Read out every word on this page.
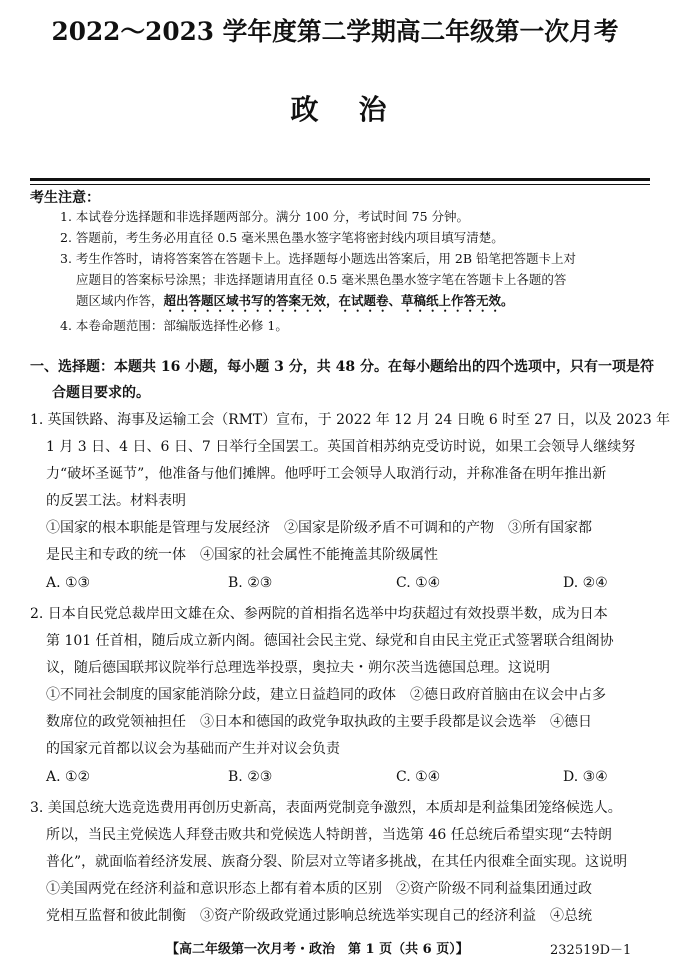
2022～2023 学年度第二学期高二年级第一次月考
政治
考生注意：
1. 本试卷分选择题和非选择题两部分。满分 100 分，考试时间 75 分钟。
2. 答题前，考生务必用直径 0.5 毫米黑色墨水签字笔将密封线内项目填写清楚。
3. 考生作答时，请将答案答在答题卡上。选择题每小题选出答案后，用 2B 铅笔把答题卡上对
应题目的答案标号涂黑；非选择题请用直径 0.5 毫米黑色墨水签字笔在答题卡上各题的答
题区域内作答，超出答题区域书写的答案无效，在试题卷、草稿纸上作答无效。
4. 本卷命题范围：部编版选择性必修 1。
一、选择题：本题共 16 小题，每小题 3 分，共 48 分。在每小题给出的四个选项中，只有一项是符
合题目要求的。
1. 英国铁路、海事及运输工会（RMT）宣布，于 2022 年 12 月 24 日晚 6 时至 27 日，以及 2023 年
1 月 3 日、4 日、6 日、7 日举行全国罢工。英国首相苏纳克受访时说，如果工会领导人继续努
力“破坏圣诞节”，他准备与他们摊牌。他呼吁工会领导人取消行动，并称准备在明年推出新
的反罢工法。材料表明
①国家的根本职能是管理与发展经济　②国家是阶级矛盾不可调和的产物　③所有国家都
是民主和专政的统一体　④国家的社会属性不能掩盖其阶级属性
A. ①③	B. ②③	C. ①④	D. ②④
2. 日本自民党总裁岸田文雄在众、参两院的首相指名选举中均获超过有效投票半数，成为日本
第 101 任首相，随后成立新内阁。德国社会民主党、绿党和自由民主党正式签署联合组阁协
议，随后德国联邦议院举行总理选举投票，奥拉夫・朔尔茨当选德国总理。这说明
①不同社会制度的国家能消除分歧，建立日益趋同的政体　②德日政府首脑由在议会中占多
数席位的政党领袖担任　③日本和德国的政党争取执政的主要手段都是议会选举　④德日
的国家元首都以议会为基础而产生并对议会负责
A. ①②	B. ②③	C. ①④	D. ③④
3. 美国总统大选竞选费用再创历史新高，表面两党制竞争激烈，本质却是利益集团笼络候选人。
所以，当民主党候选人拜登击败共和党候选人特朗普，当选第 46 任总统后希望实现“去特朗
普化”，就面临着经济发展、族裔分裂、阶层对立等诸多挑战，在其任内很难全面实现。这说明
①美国两党在经济利益和意识形态上都有着本质的区别　②资产阶级不同利益集团通过政
党相互监督和彼此制衡　③资产阶级政党通过影响总统选举实现自己的经济利益　④总统
【高二年级第一次月考・政治　第 1 页（共 6 页）】	232519D－1
